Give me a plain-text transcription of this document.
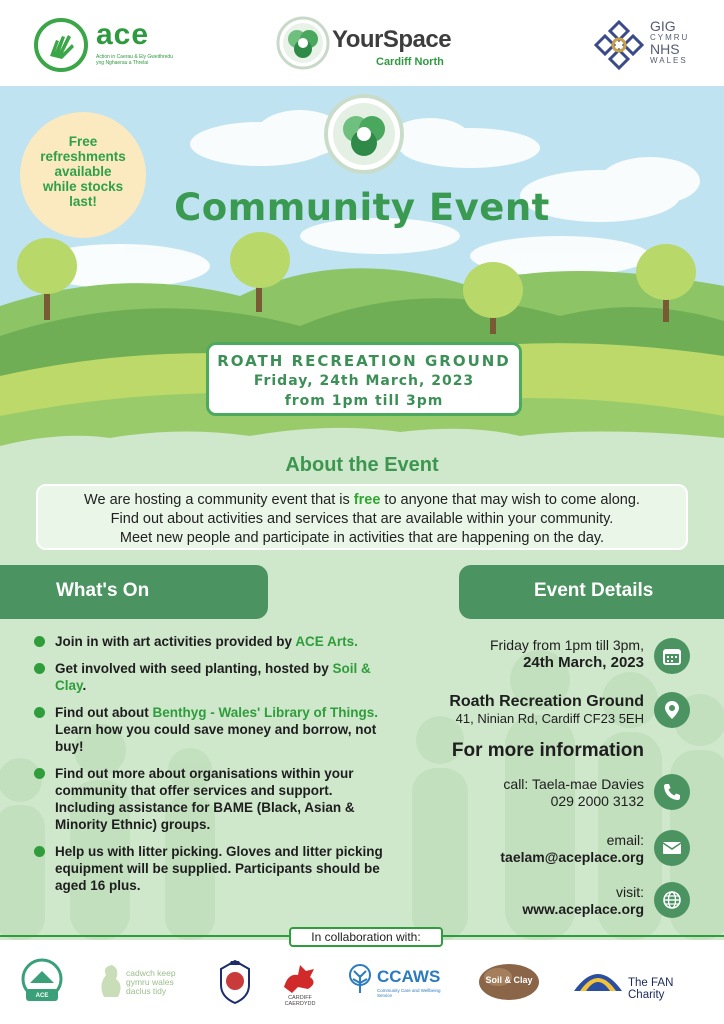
ace
Action in Caerau & Ely Gweithredu yng Nghaerau a Threlai
YourSpace
Cardiff North
GIG
CYMRU
NHS
WALES
Free
refreshments
available
while stocks
last!	Community Event
ROATH RECREATION GROUND
Friday, 24th March, 2023
from 1pm till 3pm
About the Event
We are hosting a community event that is free to anyone that may wish to come along.
Find out about activities and services that are available within your community.
Meet new people and participate in activities that are happening on the day.
What's On	Event Details
Join in with art activities provided by ACE Arts.
Get involved with seed planting, hosted by Soil & Clay.
Find out about Benthyg - Wales' Library of Things. Learn how you could save money and borrow, not buy!
Find out more about organisations within your community that offer services and support. Including assistance for BAME (Black, Asian & Minority Ethnic) groups.
Help us with litter picking. Gloves and litter picking equipment will be supplied. Participants should be aged 16 plus.
Friday from 1pm till 3pm,
24th March, 2023
Roath Recreation Ground
41, Ninian Rd, Cardiff CF23 5EH
For more information
call: Taela-mae Davies
029 2000 3132
email:
taelam@aceplace.org
visit:
www.aceplace.org
ACE
cadwch keep gymru wales daclus tidy
CARDIFF CAERDYDD
CCAWS
Community Care and Wellbeing Service
Soil & Clay	The FAN Charity
In collaboration with:
